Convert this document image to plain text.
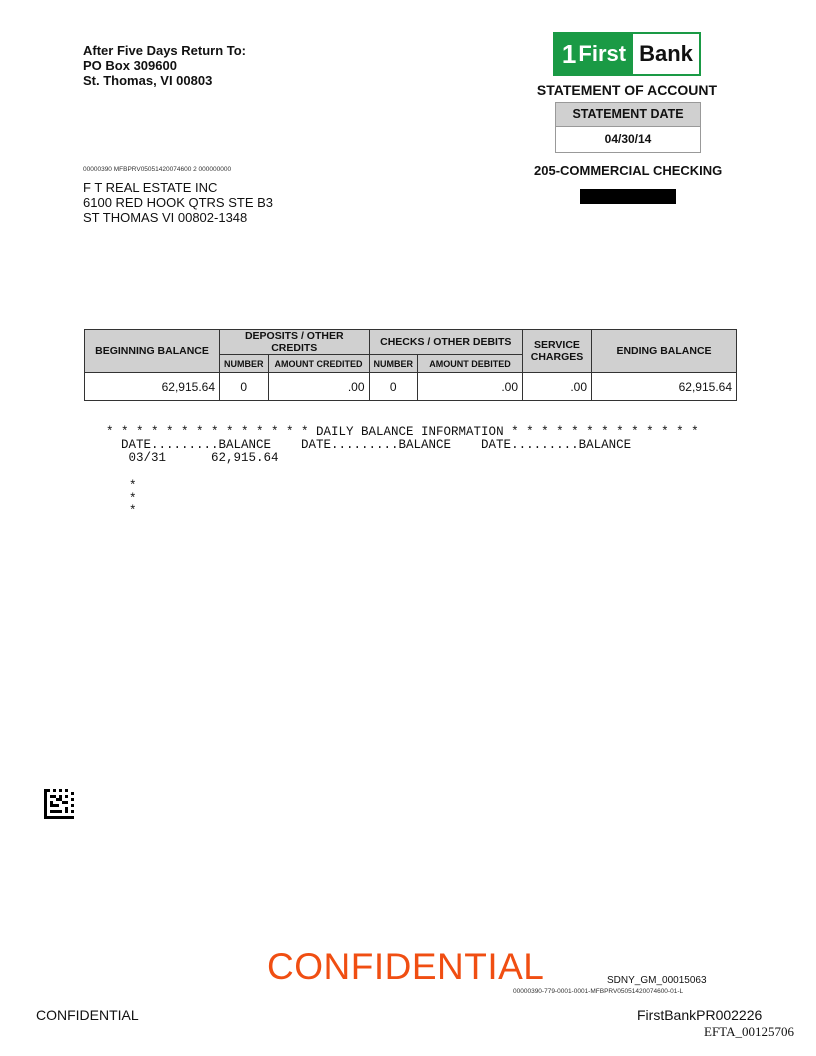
After Five Days Return To:
PO Box 309600
St. Thomas, VI 00803
1 First Bank
STATEMENT OF ACCOUNT
STATEMENT DATE
04/30/14
205-COMMERCIAL CHECKING
00000390 MFBPRV05051420074600 2 000000000
F T REAL ESTATE INC
6100 RED HOOK QTRS STE B3
ST THOMAS VI 00802-1348
BEGINNING BALANCE	DEPOSITS / OTHER CREDITS		CHECKS / OTHER DEBITS		SERVICE CHARGES	ENDING BALANCE
	NUMBER	AMOUNT CREDITED	NUMBER	AMOUNT DEBITED		
62,915.64	0	.00	0	.00	.00	62,915.64
* * * * * * * * * * * * * * DAILY BALANCE INFORMATION * * * * * * * * * * * * *
DATE.........BALANCE    DATE.........BALANCE    DATE.........BALANCE
03/31      62,915.64
*
*
*
CONFIDENTIAL	SDNY_GM_00015063
00000390-779-0001-0001-MFBPRV05051420074600-01-L
CONFIDENTIAL	FirstBankPR002226
EFTA_00125706
